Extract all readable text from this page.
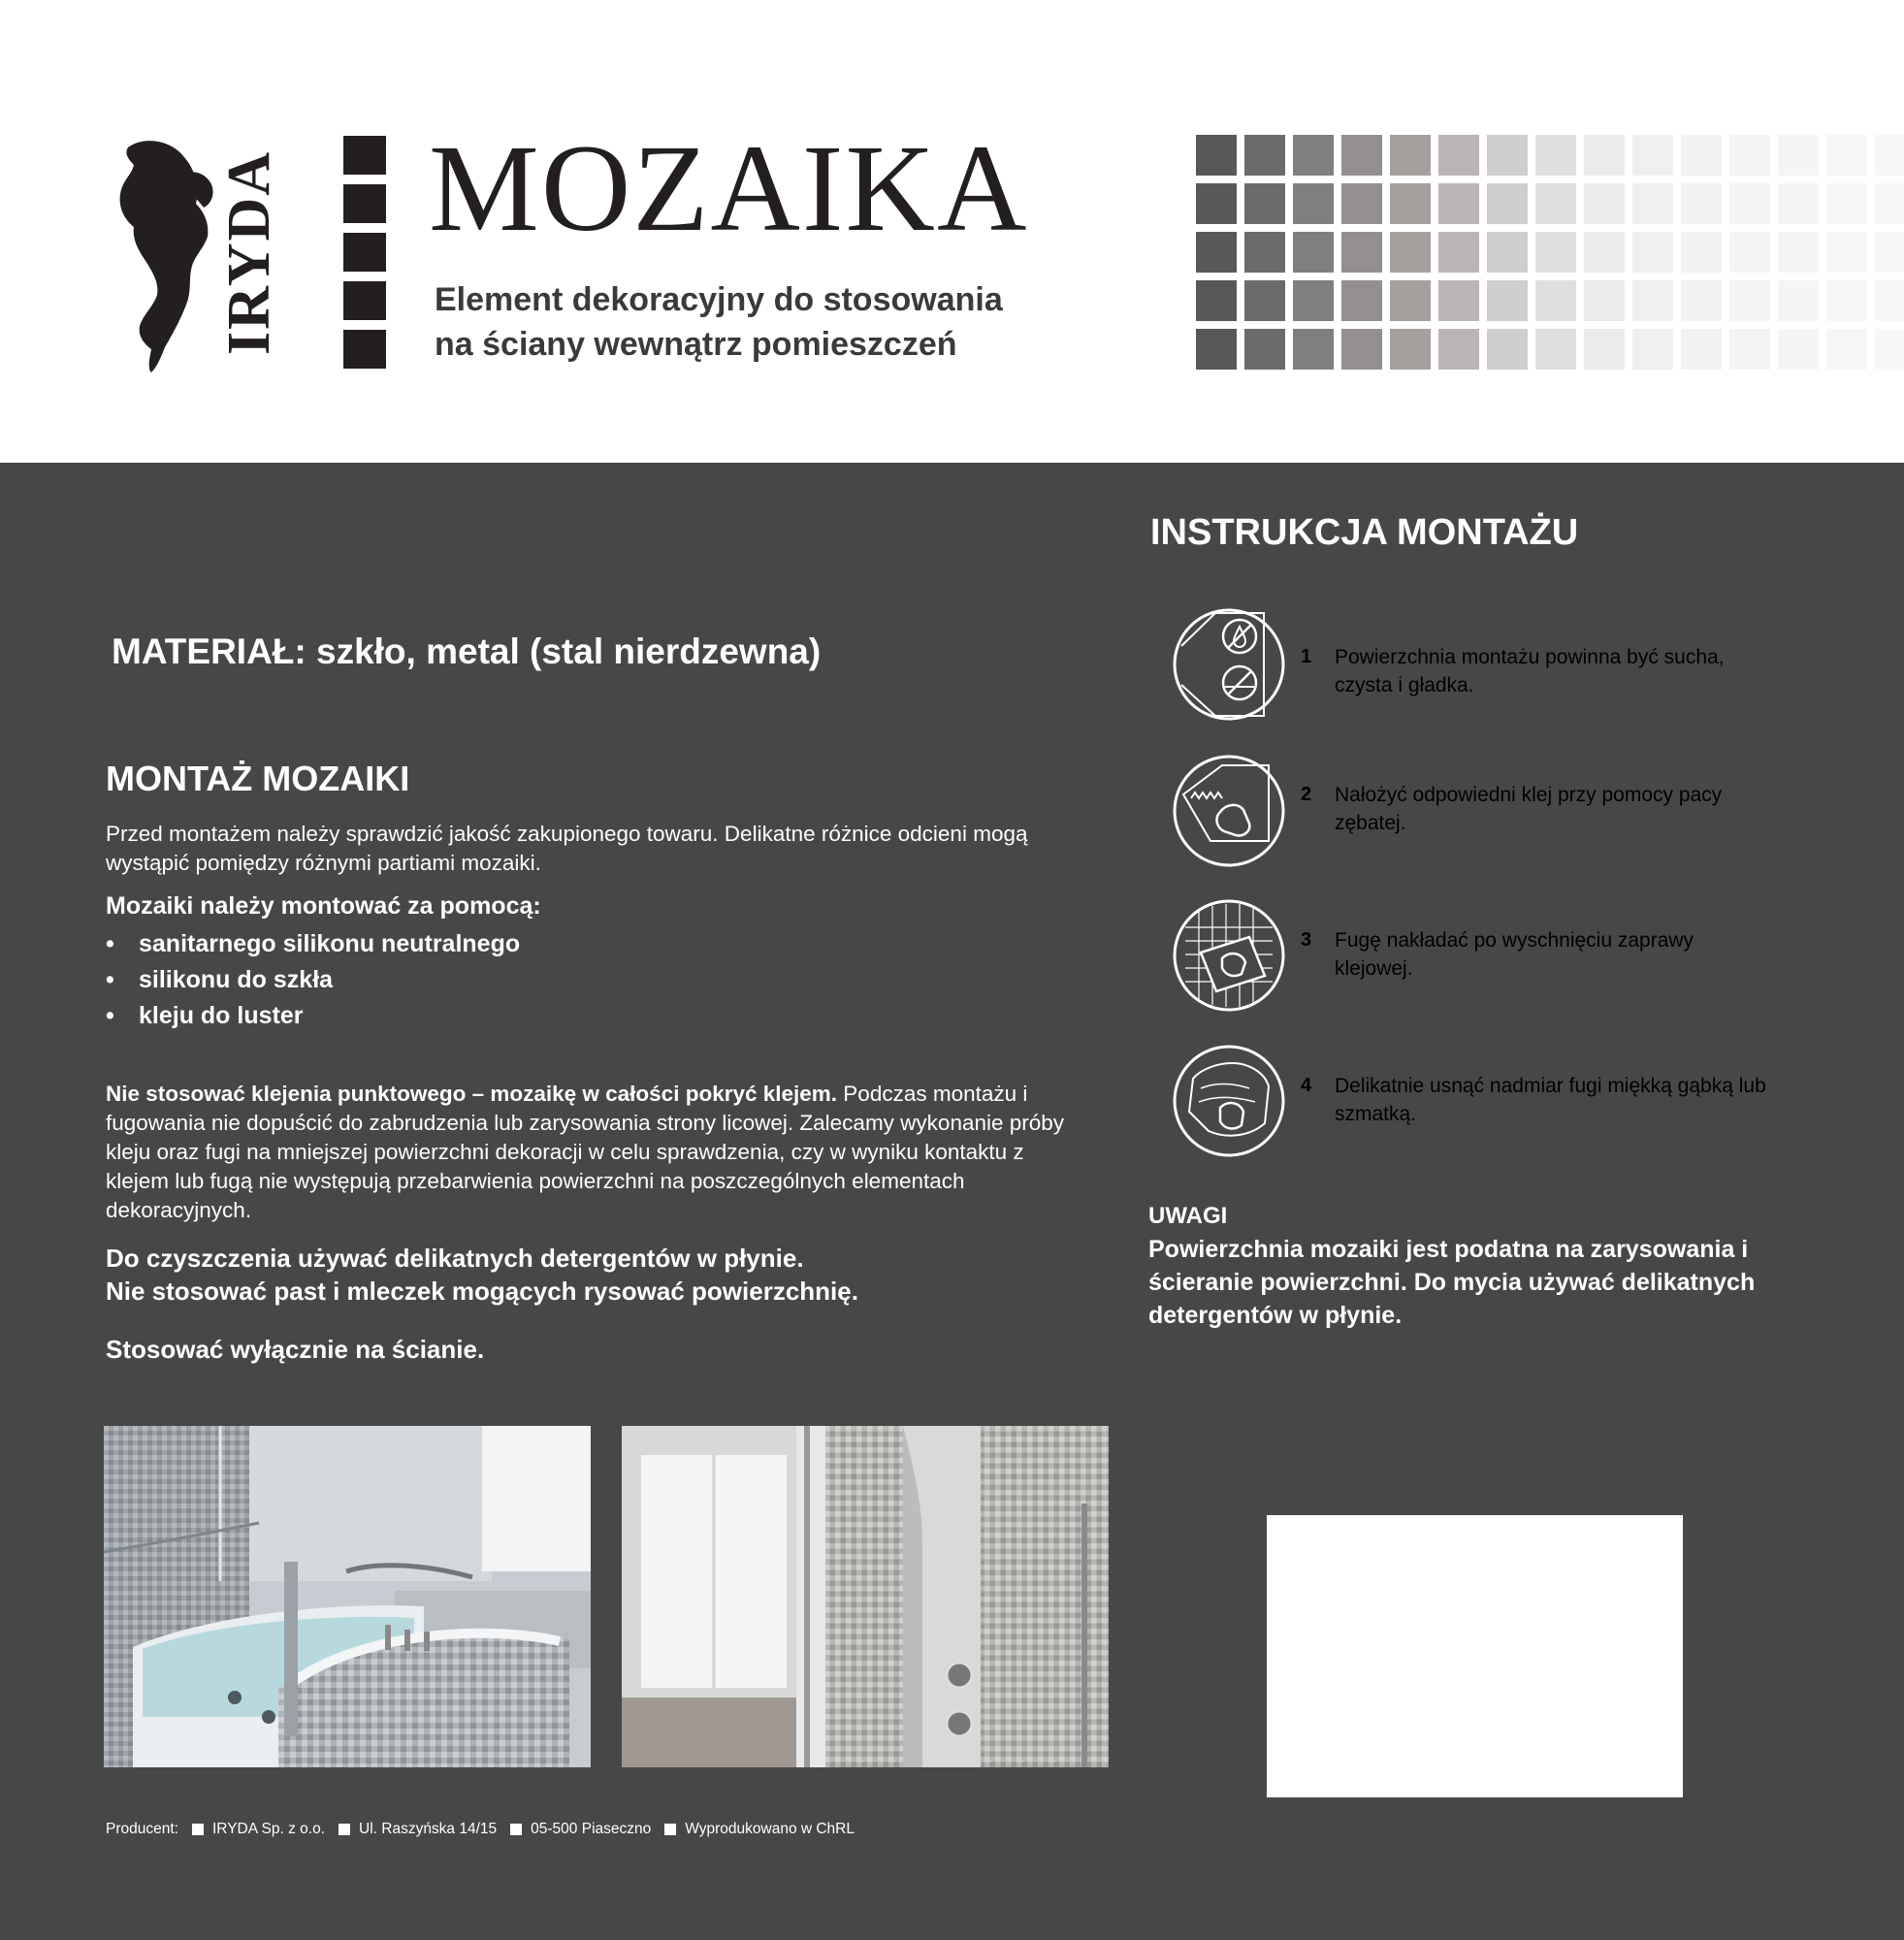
IRYDA MOZAIKA
Element dekoracyjny do stosowania
na ściany wewnątrz pomieszczeń
MATERIAŁ: szkło, metal (stal nierdzewna)
MONTAŻ MOZAIKI
Przed montażem należy sprawdzić jakość zakupionego towaru. Delikatne różnice odcieni mogą wystąpić pomiędzy różnymi partiami mozaiki.
Mozaiki należy montować za pomocą:
• sanitarnego silikonu neutralnego
• silikonu do szkła
• kleju do luster
Nie stosować klejenia punktowego – mozaikę w całości pokryć klejem. Podczas montażu i fugowania nie dopuścić do zabrudzenia lub zarysowania strony licowej. Zalecamy wykonanie próby kleju oraz fugi na mniejszej powierzchni dekoracji w celu sprawdzenia, czy w wyniku kontaktu z klejem lub fugą nie występują przebarwienia powierzchni na poszczególnych elementach dekoracyjnych.
Do czyszczenia używać delikatnych detergentów w płynie.
Nie stosować past i mleczek mogących rysować powierzchnię.
Stosować wyłącznie na ścianie.
INSTRUKCJA MONTAŻU
1 Powierzchnia montażu powinna być sucha, czysta i gładka.
2 Nałożyć odpowiedni klej przy pomocy pacy zębatej.
3 Fugę nakładać po wyschnięciu zaprawy klejowej.
4 Delikatnie usnąć nadmiar fugi miękką gąbką lub szmatką.
UWAGI
Powierzchnia mozaiki jest podatna na zarysowania i ścieranie powierzchni. Do mycia używać delikatnych detergentów w płynie.
Producent: IRYDA Sp. z o.o. Ul. Raszyńska 14/15 05-500 Piaseczno Wyprodukowano w ChRL
